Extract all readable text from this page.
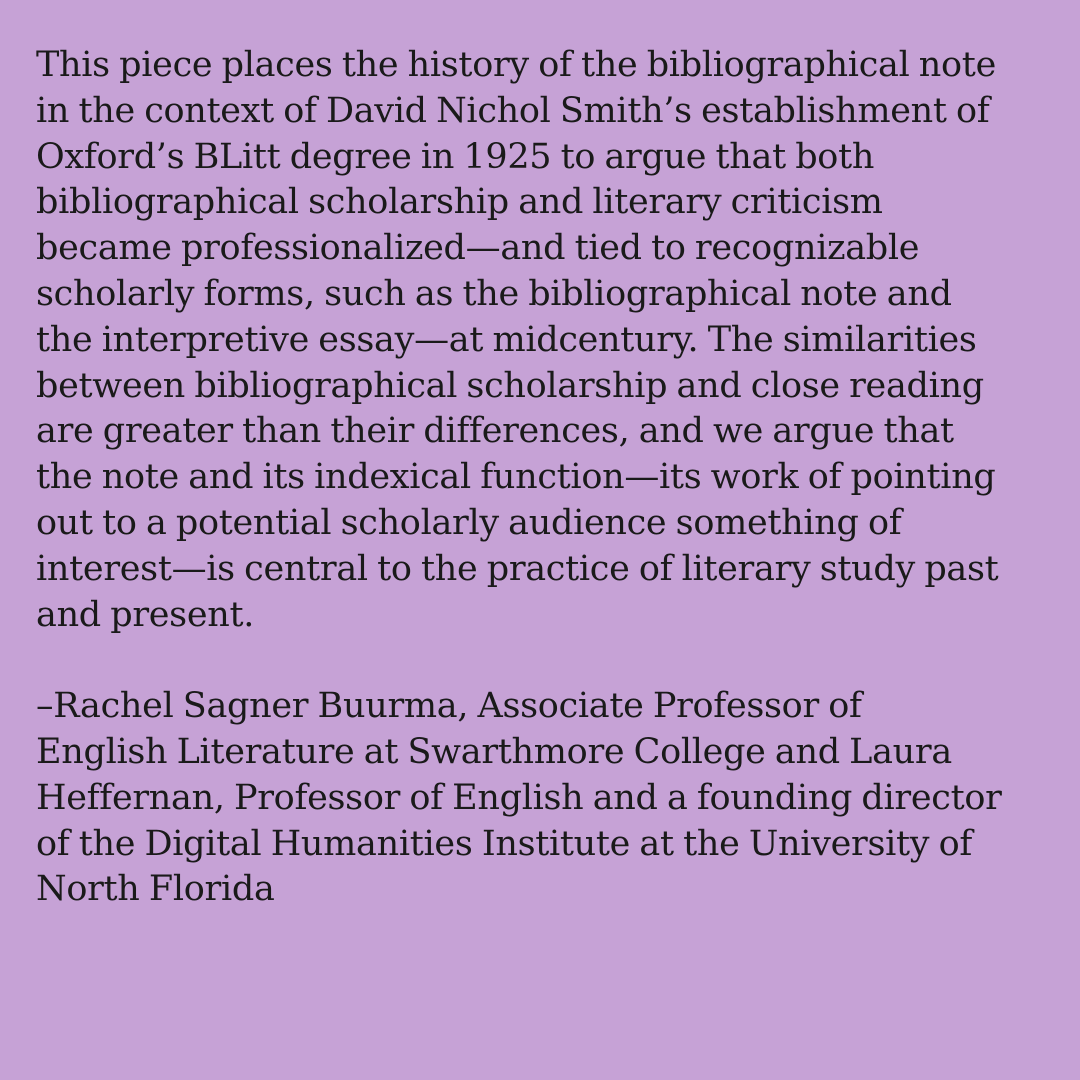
This piece places the history of the bibliographical note
in the context of David Nichol Smith’s establishment of
Oxford’s BLitt degree in 1925 to argue that both
bibliographical scholarship and literary criticism
became professionalized—and tied to recognizable
scholarly forms, such as the bibliographical note and
the interpretive essay—at midcentury. The similarities
between bibliographical scholarship and close reading
are greater than their differences, and we argue that
the note and its indexical function—its work of pointing
out to a potential scholarly audience something of
interest—is central to the practice of literary study past
and present.
–Rachel Sagner Buurma, Associate Professor of
English Literature at Swarthmore College and Laura
Heffernan, Professor of English and a founding director
of the Digital Humanities Institute at the University of
North Florida
